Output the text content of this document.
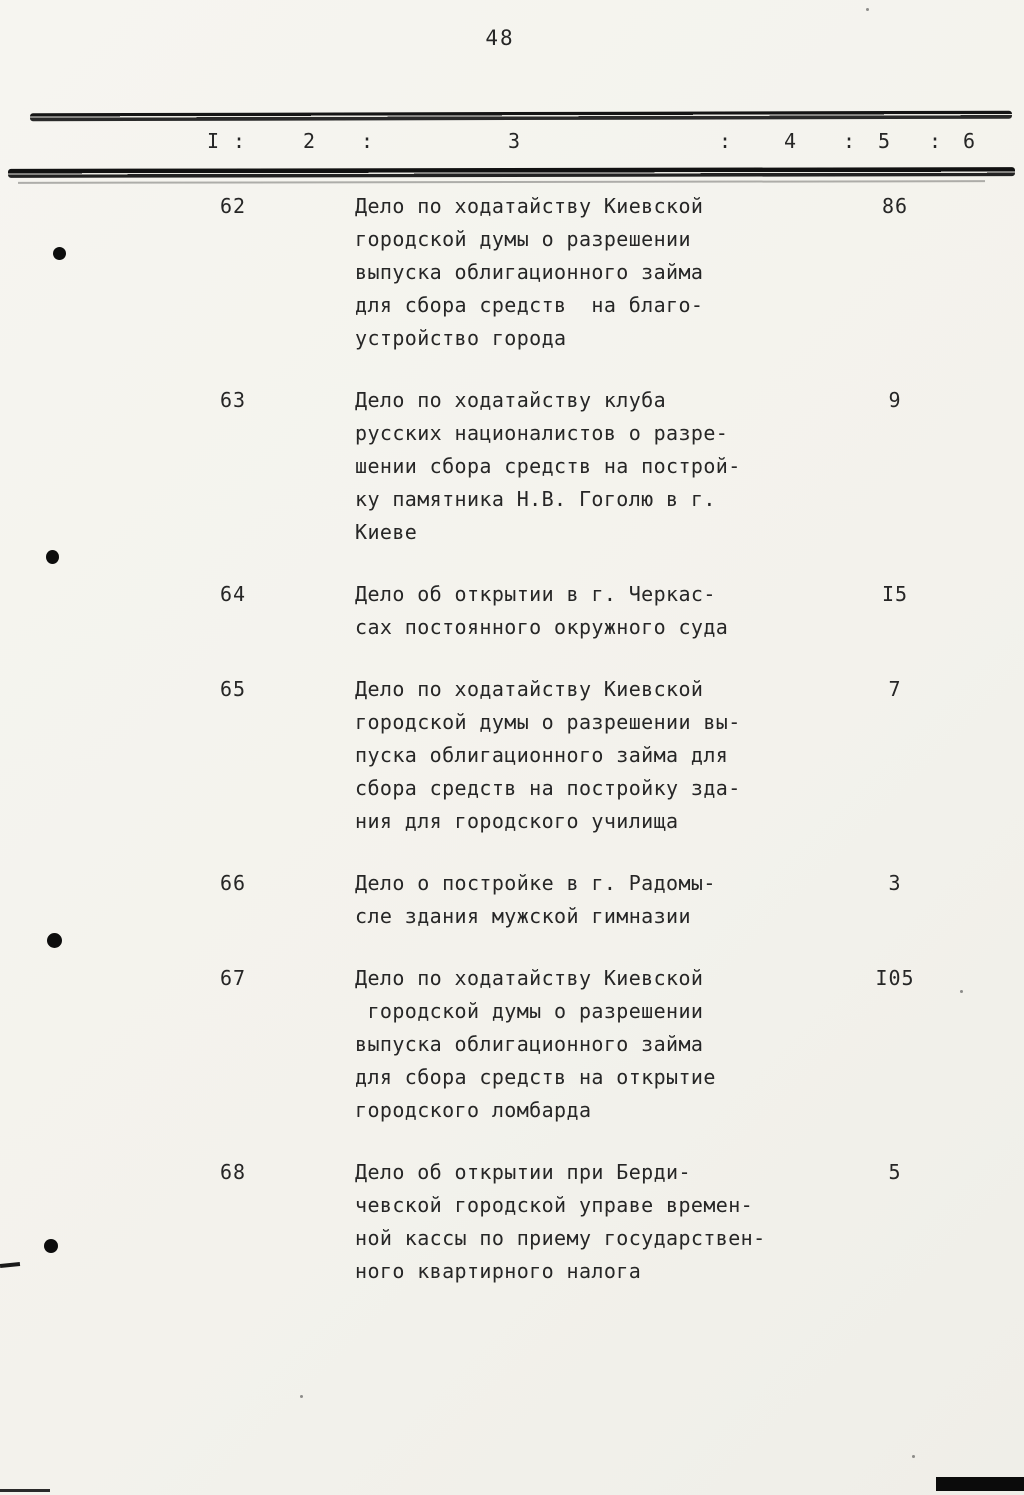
48
I :	2 :	3	:	4 : 5 : 6
62	Дело по ходатайству Киевской
городской думы о разрешении
выпуска облигационного займа
для сбора средств  на благо-
устройство города
86
63	Дело по ходатайству клуба
русских националистов о разре-
шении сбора средств на построй-
ку памятника Н.В. Гоголю в г.
Киеве
9
64	Дело об открытии в г. Черкас-
сах постоянного окружного суда
I5
65	Дело по ходатайству Киевской
городской думы о разрешении вы-
пуска облигационного займа для
сбора средств на постройку зда-
ния для городского училища
7
66	Дело о постройке в г. Радомы-
сле здания мужской гимназии
3
67	Дело по ходатайству Киевской
городской думы о разрешении
выпуска облигационного займа
для сбора средств на открытие
городского ломбарда
I05
68	Дело об открытии при Берди-
чевской городской управе времен-
ной кассы по приему государствен-
ного квартирного налога
5
